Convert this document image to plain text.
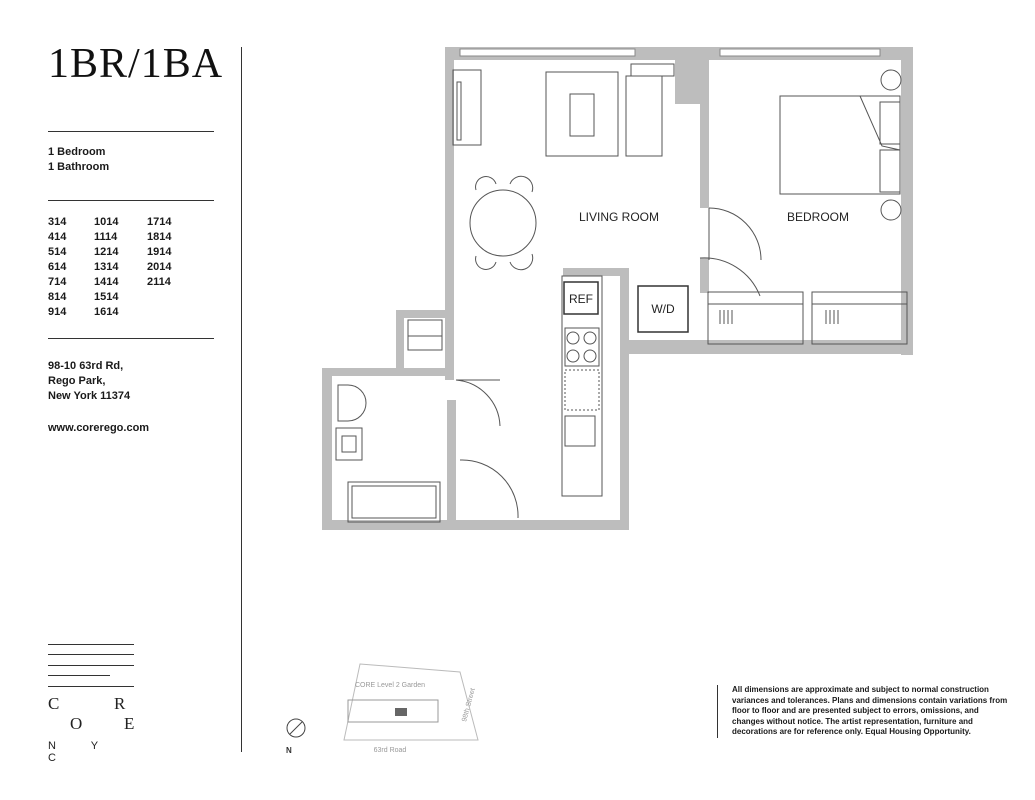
1BR/1BA
1 Bedroom
1 Bathroom
314
414
514
614
714
814
914
1014
1114
1214
1314
1414
1514
1614
1714
1814
1914
2014
2114
98-10 63rd Rd,
Rego Park,
New York 11374
www.corerego.com
C	R
O E
N Y C
W/D
REF
LIVING ROOM	BEDROOM
CORE Level 2 Garden
98th Street
63rd Road
N
All dimensions are approximate and subject to normal construction variances and tolerances. Plans and dimensions contain variations from floor to floor and are presented subject to errors, omissions, and changes without notice. The artist representation, furniture and decorations are for reference only. Equal Housing Opportunity.
